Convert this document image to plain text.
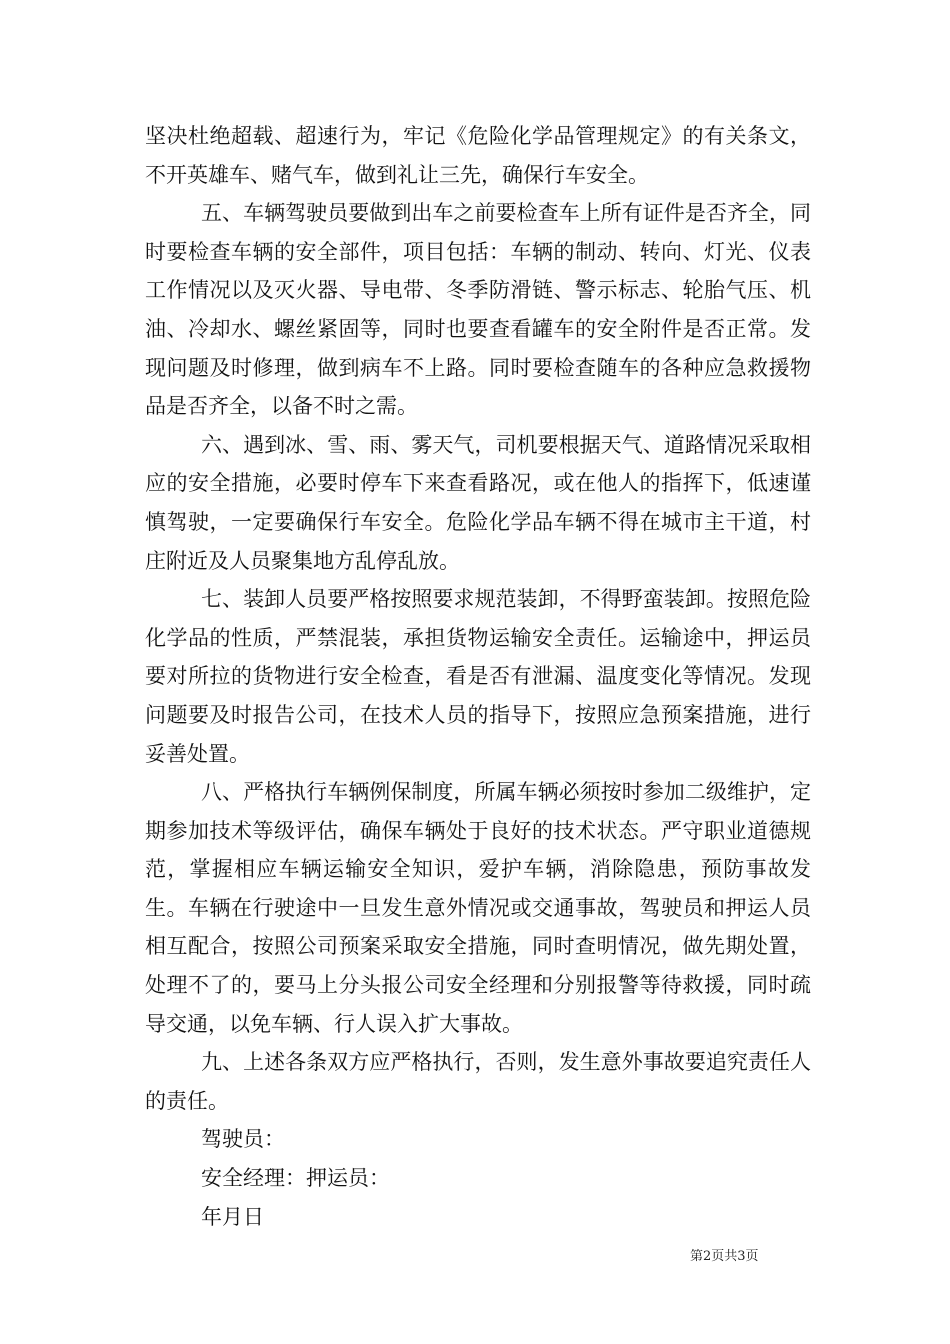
坚决杜绝超载、超速行为，牢记《危险化学品管理规定》的有关条文，不开英雄车、赌气车，做到礼让三先，确保行车安全。

五、车辆驾驶员要做到出车之前要检查车上所有证件是否齐全，同时要检查车辆的安全部件，项目包括：车辆的制动、转向、灯光、仪表工作情况以及灭火器、导电带、冬季防滑链、警示标志、轮胎气压、机油、冷却水、螺丝紧固等，同时也要查看罐车的安全附件是否正常。发现问题及时修理，做到病车不上路。同时要检查随车的各种应急救援物品是否齐全，以备不时之需。

六、遇到冰、雪、雨、雾天气，司机要根据天气、道路情况采取相应的安全措施，必要时停车下来查看路况，或在他人的指挥下，低速谨慎驾驶，一定要确保行车安全。危险化学品车辆不得在城市主干道，村庄附近及人员聚集地方乱停乱放。

七、装卸人员要严格按照要求规范装卸，不得野蛮装卸。按照危险化学品的性质，严禁混装，承担货物运输安全责任。运输途中，押运员要对所拉的货物进行安全检查，看是否有泄漏、温度变化等情况。发现问题要及时报告公司，在技术人员的指导下，按照应急预案措施，进行妥善处置。

八、严格执行车辆例保制度，所属车辆必须按时参加二级维护，定期参加技术等级评估，确保车辆处于良好的技术状态。严守职业道德规范，掌握相应车辆运输安全知识，爱护车辆，消除隐患，预防事故发生。车辆在行驶途中一旦发生意外情况或交通事故，驾驶员和押运人员相互配合，按照公司预案采取安全措施，同时查明情况，做先期处置，处理不了的，要马上分头报公司安全经理和分别报警等待救援，同时疏导交通，以免车辆、行人误入扩大事故。

九、上述各条双方应严格执行，否则，发生意外事故要追究责任人的责任。

驾驶员：

安全经理：押运员：

年月日

第2页共3页
